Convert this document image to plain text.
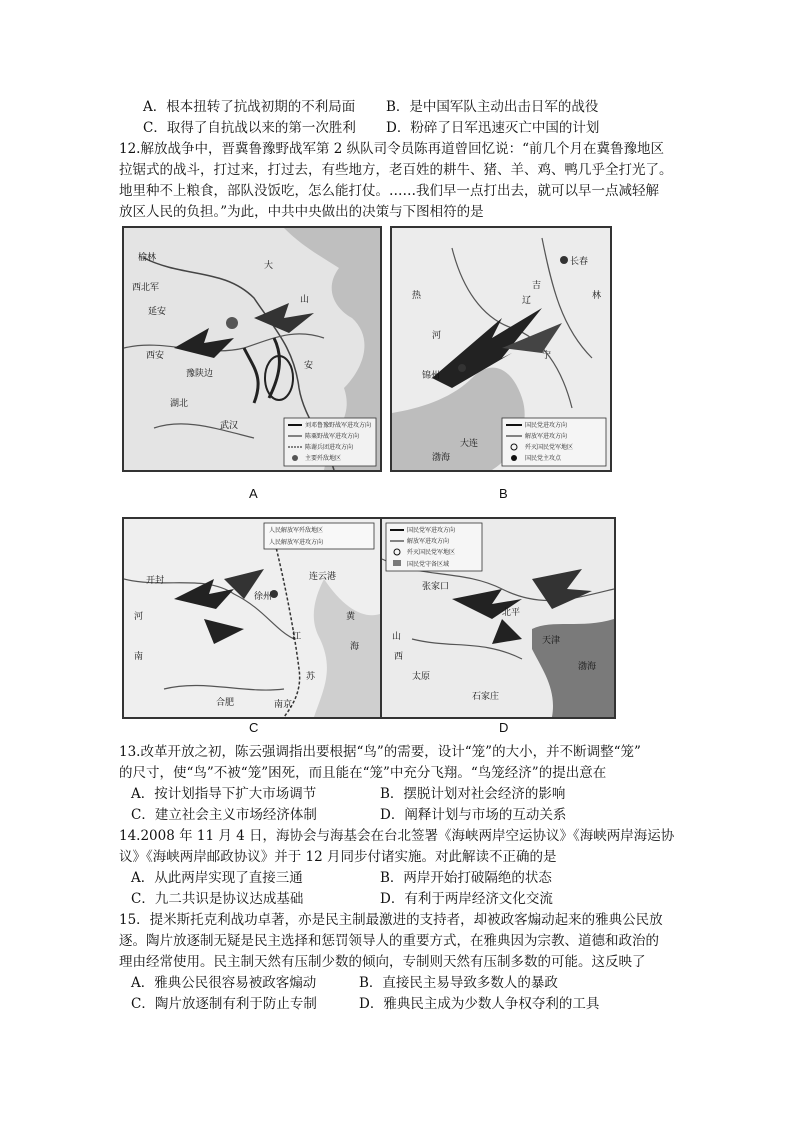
A．根本扭转了抗战初期的不利局面 B．是中国军队主动出击日军的战役
C．取得了自抗战以来的第一次胜利 D．粉碎了日军迅速灭亡中国的计划
12.解放战争中，晋冀鲁豫野战军第 2 纵队司令员陈再道曾回忆说：“前几个月在冀鲁豫地区
拉锯式的战斗，打过来，打过去，有些地方，老百姓的耕牛、猪、羊、鸡、鸭几乎全打光了。
地里种不上粮食，部队没饭吃，怎么能打仗。……我们早一点打出去，就可以早一点减轻解
放区人民的负担。”为此，中共中央做出的决策与下图相符的是
榆林
西北军
延安
西安
豫陕边
湖北
武汉
大
山
安
刘邓鲁豫野战军进攻方向
陈粟野战军进攻方向
陈谢兵团进攻方向
主要歼敌地区
A
长春
吉
林
热
河
辽
宁
锦州
渤海
大连
国民党进攻方向
解放军进攻方向
歼灭国民党军地区
国民党主攻点
B
开封
河
南
徐州
连云港
黄
海
合肥	南京
江
苏
人民解放军歼敌地区
人民解放军进攻方向
C
北平
天津
张家口
太原
山
西
渤海
石家庄
国民党军进攻方向
解放军进攻方向
歼灭国民党军地区
国民党守备区域
D
13.改革开放之初，陈云强调指出要根据“鸟”的需要，设计“笼”的大小，并不断调整“笼”
的尺寸，使“鸟”不被“笼”困死，而且能在“笼”中充分飞翔。“鸟笼经济”的提出意在
A．按计划指导下扩大市场调节	B．摆脱计划对社会经济的影响
C．建立社会主义市场经济体制	D．阐释计划与市场的互动关系
14.2008 年 11 月 4 日，海协会与海基会在台北签署《海峡两岸空运协议》《海峡两岸海运协
议》《海峡两岸邮政协议》并于 12 月同步付诸实施。对此解读不正确的是
A．从此两岸实现了直接三通	B．两岸开始打破隔绝的状态
C．九二共识是协议达成基础	D．有利于两岸经济文化交流
15．提米斯托克利战功卓著，亦是民主制最激进的支持者，却被政客煽动起来的雅典公民放
逐。陶片放逐制无疑是民主选择和惩罚领导人的重要方式，在雅典因为宗教、道德和政治的
理由经常使用。民主制天然有压制少数的倾向，专制则天然有压制多数的可能。这反映了
A．雅典公民很容易被政客煽动	B．直接民主易导致多数人的暴政
C．陶片放逐制有利于防止专制	D．雅典民主成为少数人争权夺利的工具
